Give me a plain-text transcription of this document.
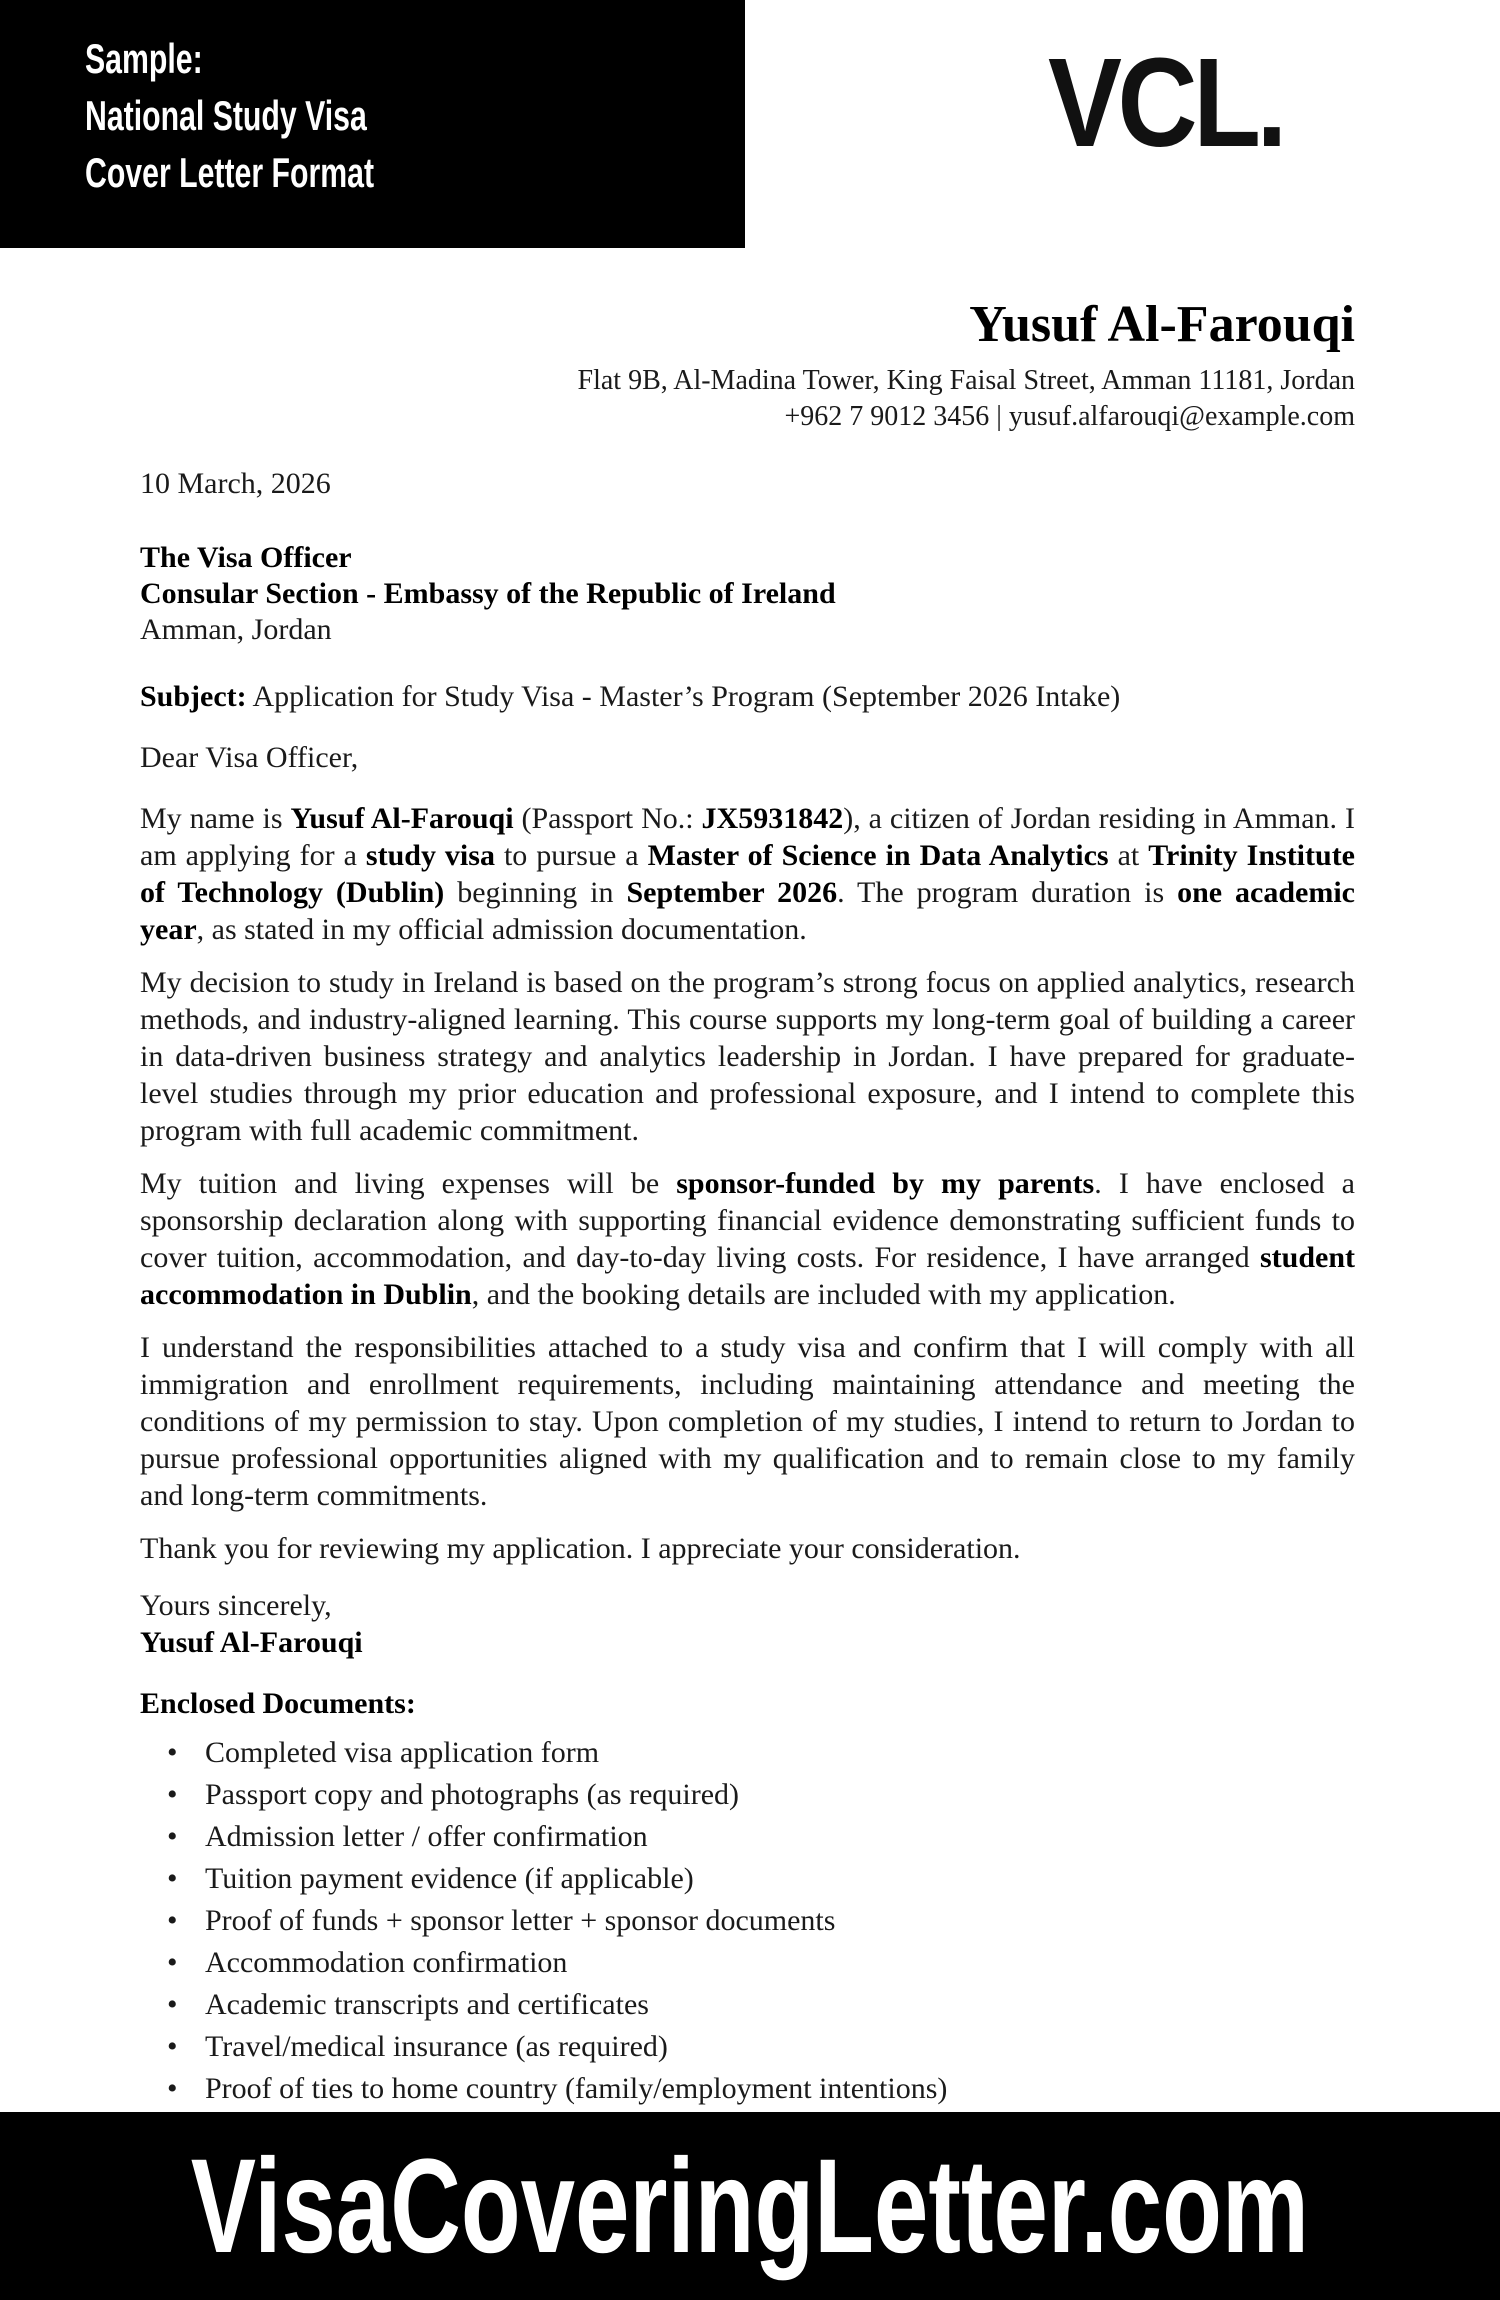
Sample:
National Study Visa
Cover Letter Format	VCL.
Yusuf Al-Farouqi
Flat 9B, Al-Madina Tower, King Faisal Street, Amman 11181, Jordan
+962 7 9012 3456 | yusuf.alfarouqi@example.com
10 March, 2026
The Visa Officer
Consular Section - Embassy of the Republic of Ireland
Amman, Jordan
Subject: Application for Study Visa - Master’s Program (September 2026 Intake)
Dear Visa Officer,

My name is Yusuf Al-Farouqi (Passport No.: JX5931842), a citizen of Jordan residing in Amman. I am applying for a study visa to pursue a Master of Science in Data Analytics at Trinity Institute of Technology (Dublin) beginning in September 2026. The program duration is one academic year, as stated in my official admission documentation.

My decision to study in Ireland is based on the program’s strong focus on applied analytics, research methods, and industry-aligned learning. This course supports my long-term goal of building a career in data-driven business strategy and analytics leadership in Jordan. I have prepared for graduate-level studies through my prior education and professional exposure, and I intend to complete this program with full academic commitment.

My tuition and living expenses will be sponsor-funded by my parents. I have enclosed a sponsorship declaration along with supporting financial evidence demonstrating sufficient funds to cover tuition, accommodation, and day-to-day living costs. For residence, I have arranged student accommodation in Dublin, and the booking details are included with my application.

I understand the responsibilities attached to a study visa and confirm that I will comply with all immigration and enrollment requirements, including maintaining attendance and meeting the conditions of my permission to stay. Upon completion of my studies, I intend to return to Jordan to pursue professional opportunities aligned with my qualification and to remain close to my family and long-term commitments.

Thank you for reviewing my application. I appreciate your consideration.
Yours sincerely,
Yusuf Al-Farouqi
Enclosed Documents:
• Completed visa application form
• Passport copy and photographs (as required)
• Admission letter / offer confirmation
• Tuition payment evidence (if applicable)
• Proof of funds + sponsor letter + sponsor documents
• Accommodation confirmation
• Academic transcripts and certificates
• Travel/medical insurance (as required)
• Proof of ties to home country (family/employment intentions)
VisaCoveringLetter.com
